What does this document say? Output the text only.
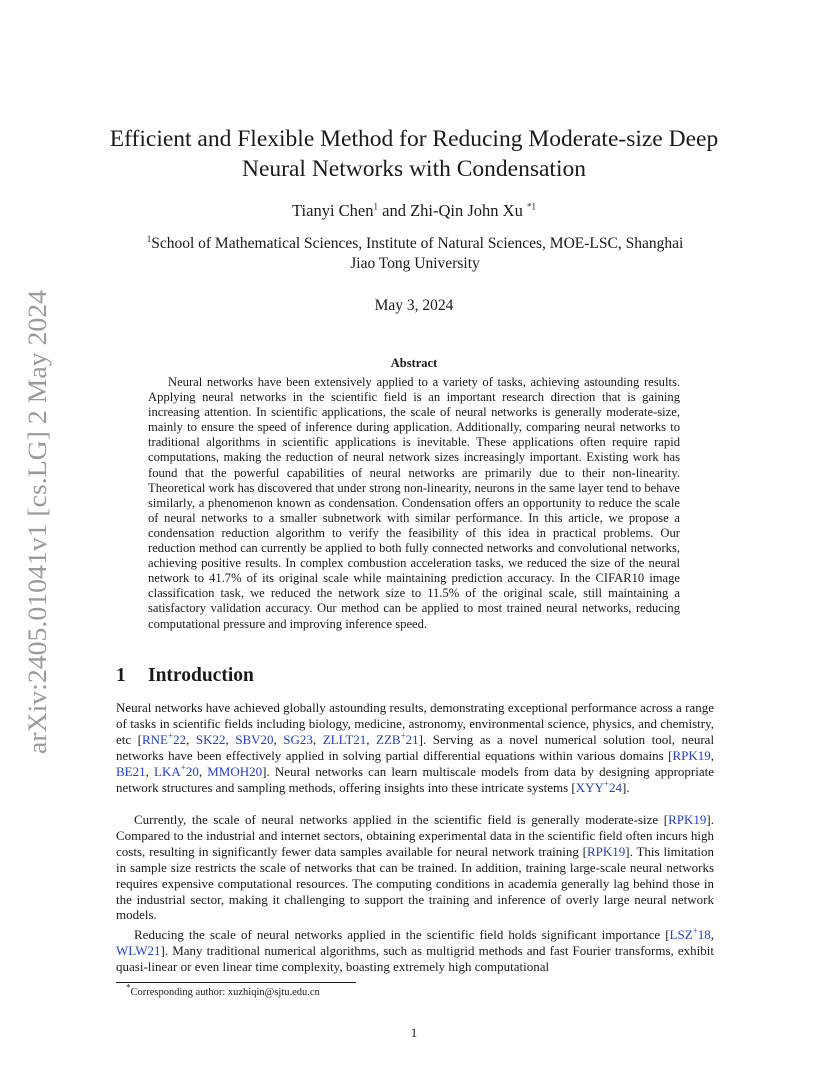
arXiv:2405.01041v1 [cs.LG] 2 May 2024
Efficient and Flexible Method for Reducing Moderate-size Deep
Neural Networks with Condensation
Tianyi Chen$^1$ and Zhi-Qin John Xu $^{*1}$
$^1$School of Mathematical Sciences, Institute of Natural Sciences, MOE-LSC, Shanghai
Jiao Tong University
May 3, 2024
Abstract
Neural networks have been extensively applied to a variety of tasks, achieving astounding results. Applying neural networks in the scientific field is an important research direction that is gaining increasing attention. In scientific applications, the scale of neural networks is generally moderate-size, mainly to ensure the speed of inference during application. Additionally, comparing neural networks to traditional algorithms in scientific applications is inevitable. These applications often require rapid computations, making the reduction of neural network sizes increasingly important. Existing work has found that the powerful capabilities of neural networks are primarily due to their non-linearity. Theoretical work has discovered that under strong non-linearity, neurons in the same layer tend to behave similarly, a phenomenon known as condensation. Condensation offers an opportunity to reduce the scale of neural networks to a smaller subnetwork with similar performance. In this article, we propose a condensation reduction algorithm to verify the feasibility of this idea in practical problems. Our reduction method can currently be applied to both fully connected networks and convolutional networks, achieving positive results. In complex combustion acceleration tasks, we reduced the size of the neural network to 41.7% of its original scale while maintaining prediction accuracy. In the CIFAR10 image classification task, we reduced the network size to 11.5% of the original scale, still maintaining a satisfactory validation accuracy. Our method can be applied to most trained neural networks, reducing computational pressure and improving inference speed.
1 Introduction
Neural networks have achieved globally astounding results, demonstrating exceptional performance across a range of tasks in scientific fields including biology, medicine, astronomy, environmental science, physics, and chemistry, etc [RNE+22, SK22, SBV20, SG23, ZLLT21, ZZB+21]. Serving as a novel numerical solution tool, neural networks have been effectively applied in solving partial differential equations within various domains [RPK19, BE21, LKA+20, MMOH20]. Neural networks can learn multiscale models from data by designing appropriate network structures and sampling methods, offering insights into these intricate systems [XYY+24].
Currently, the scale of neural networks applied in the scientific field is generally moderate-size [RPK19]. Compared to the industrial and internet sectors, obtaining experimental data in the scientific field often incurs high costs, resulting in significantly fewer data samples available for neural network training [RPK19]. This limitation in sample size restricts the scale of networks that can be trained. In addition, training large-scale neural networks requires expensive computational resources. The computing conditions in academia generally lag behind those in the industrial sector, making it challenging to support the training and inference of overly large neural network models.
Reducing the scale of neural networks applied in the scientific field holds significant importance [LSZ+18, WLW21]. Many traditional numerical algorithms, such as multigrid methods and fast Fourier transforms, exhibit quasi-linear or even linear time complexity, boasting extremely high computational
*Corresponding author: xuzhiqin@sjtu.edu.cn
1
